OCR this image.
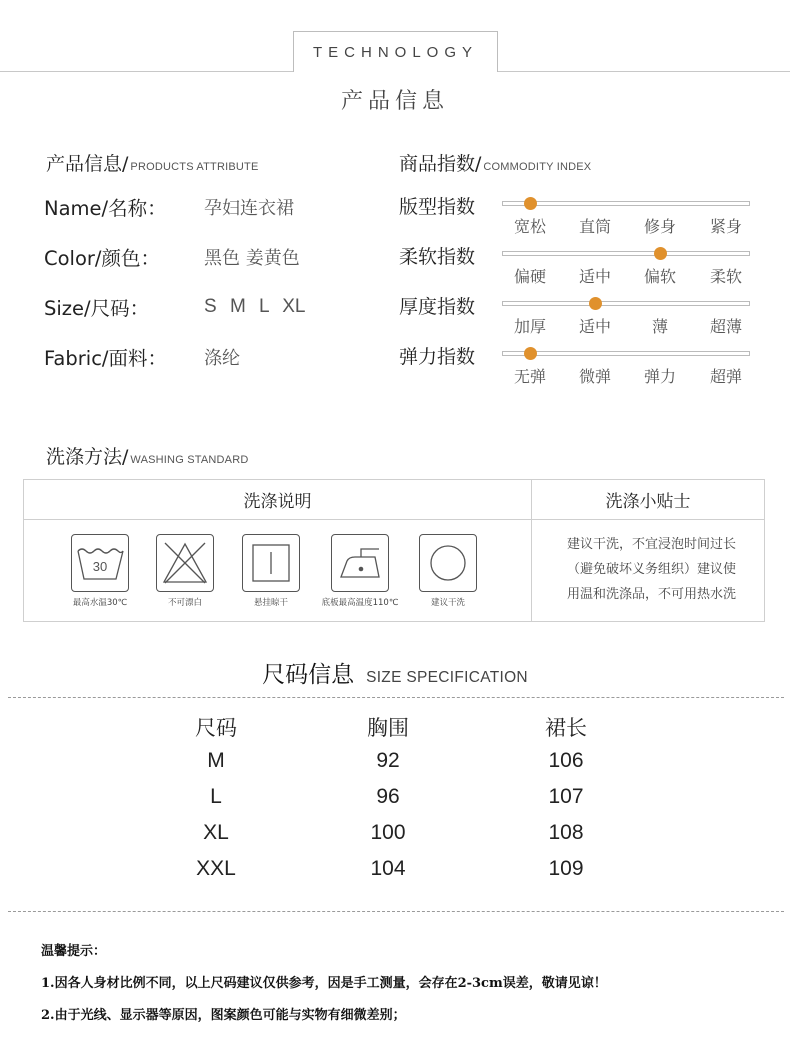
TECHNOLOGY
产品信息
产品信息/ PRODUCTS ATTRIBUTE
Name/名称：	孕妇连衣裙
Color/颜色：	黑色 姜黄色
Size/尺码：	S M L XL
Fabric/面料：	涤纶
商品指数/ COMMODITY INDEX
版型指数
宽松	直筒	修身	紧身
柔软指数
偏硬	适中	偏软	柔软
厚度指数
加厚	适中	薄	超薄
弹力指数
无弹	微弹	弹力	超弹
洗涤方法/ WASHING STANDARD
洗涤说明	洗涤小贴士
30
最高水温30℃	不可漂白	悬挂晾干	底板最高温度110℃	建议干洗
建议干洗，不宜浸泡时间过长
（避免破坏义务组织）建议使
用温和洗涤品，不可用热水洗
尺码信息 SIZE SPECIFICATION
尺码	胸围	裙长
M	92	106
L	96	107
XL	100	108
XXL	104	109
温馨提示：
1.因各人身材比例不同，以上尺码建议仅供参考，因是手工测量，会存在2-3cm误差，敬请见谅！
2.由于光线、显示器等原因，图案颜色可能与实物有细微差别；
